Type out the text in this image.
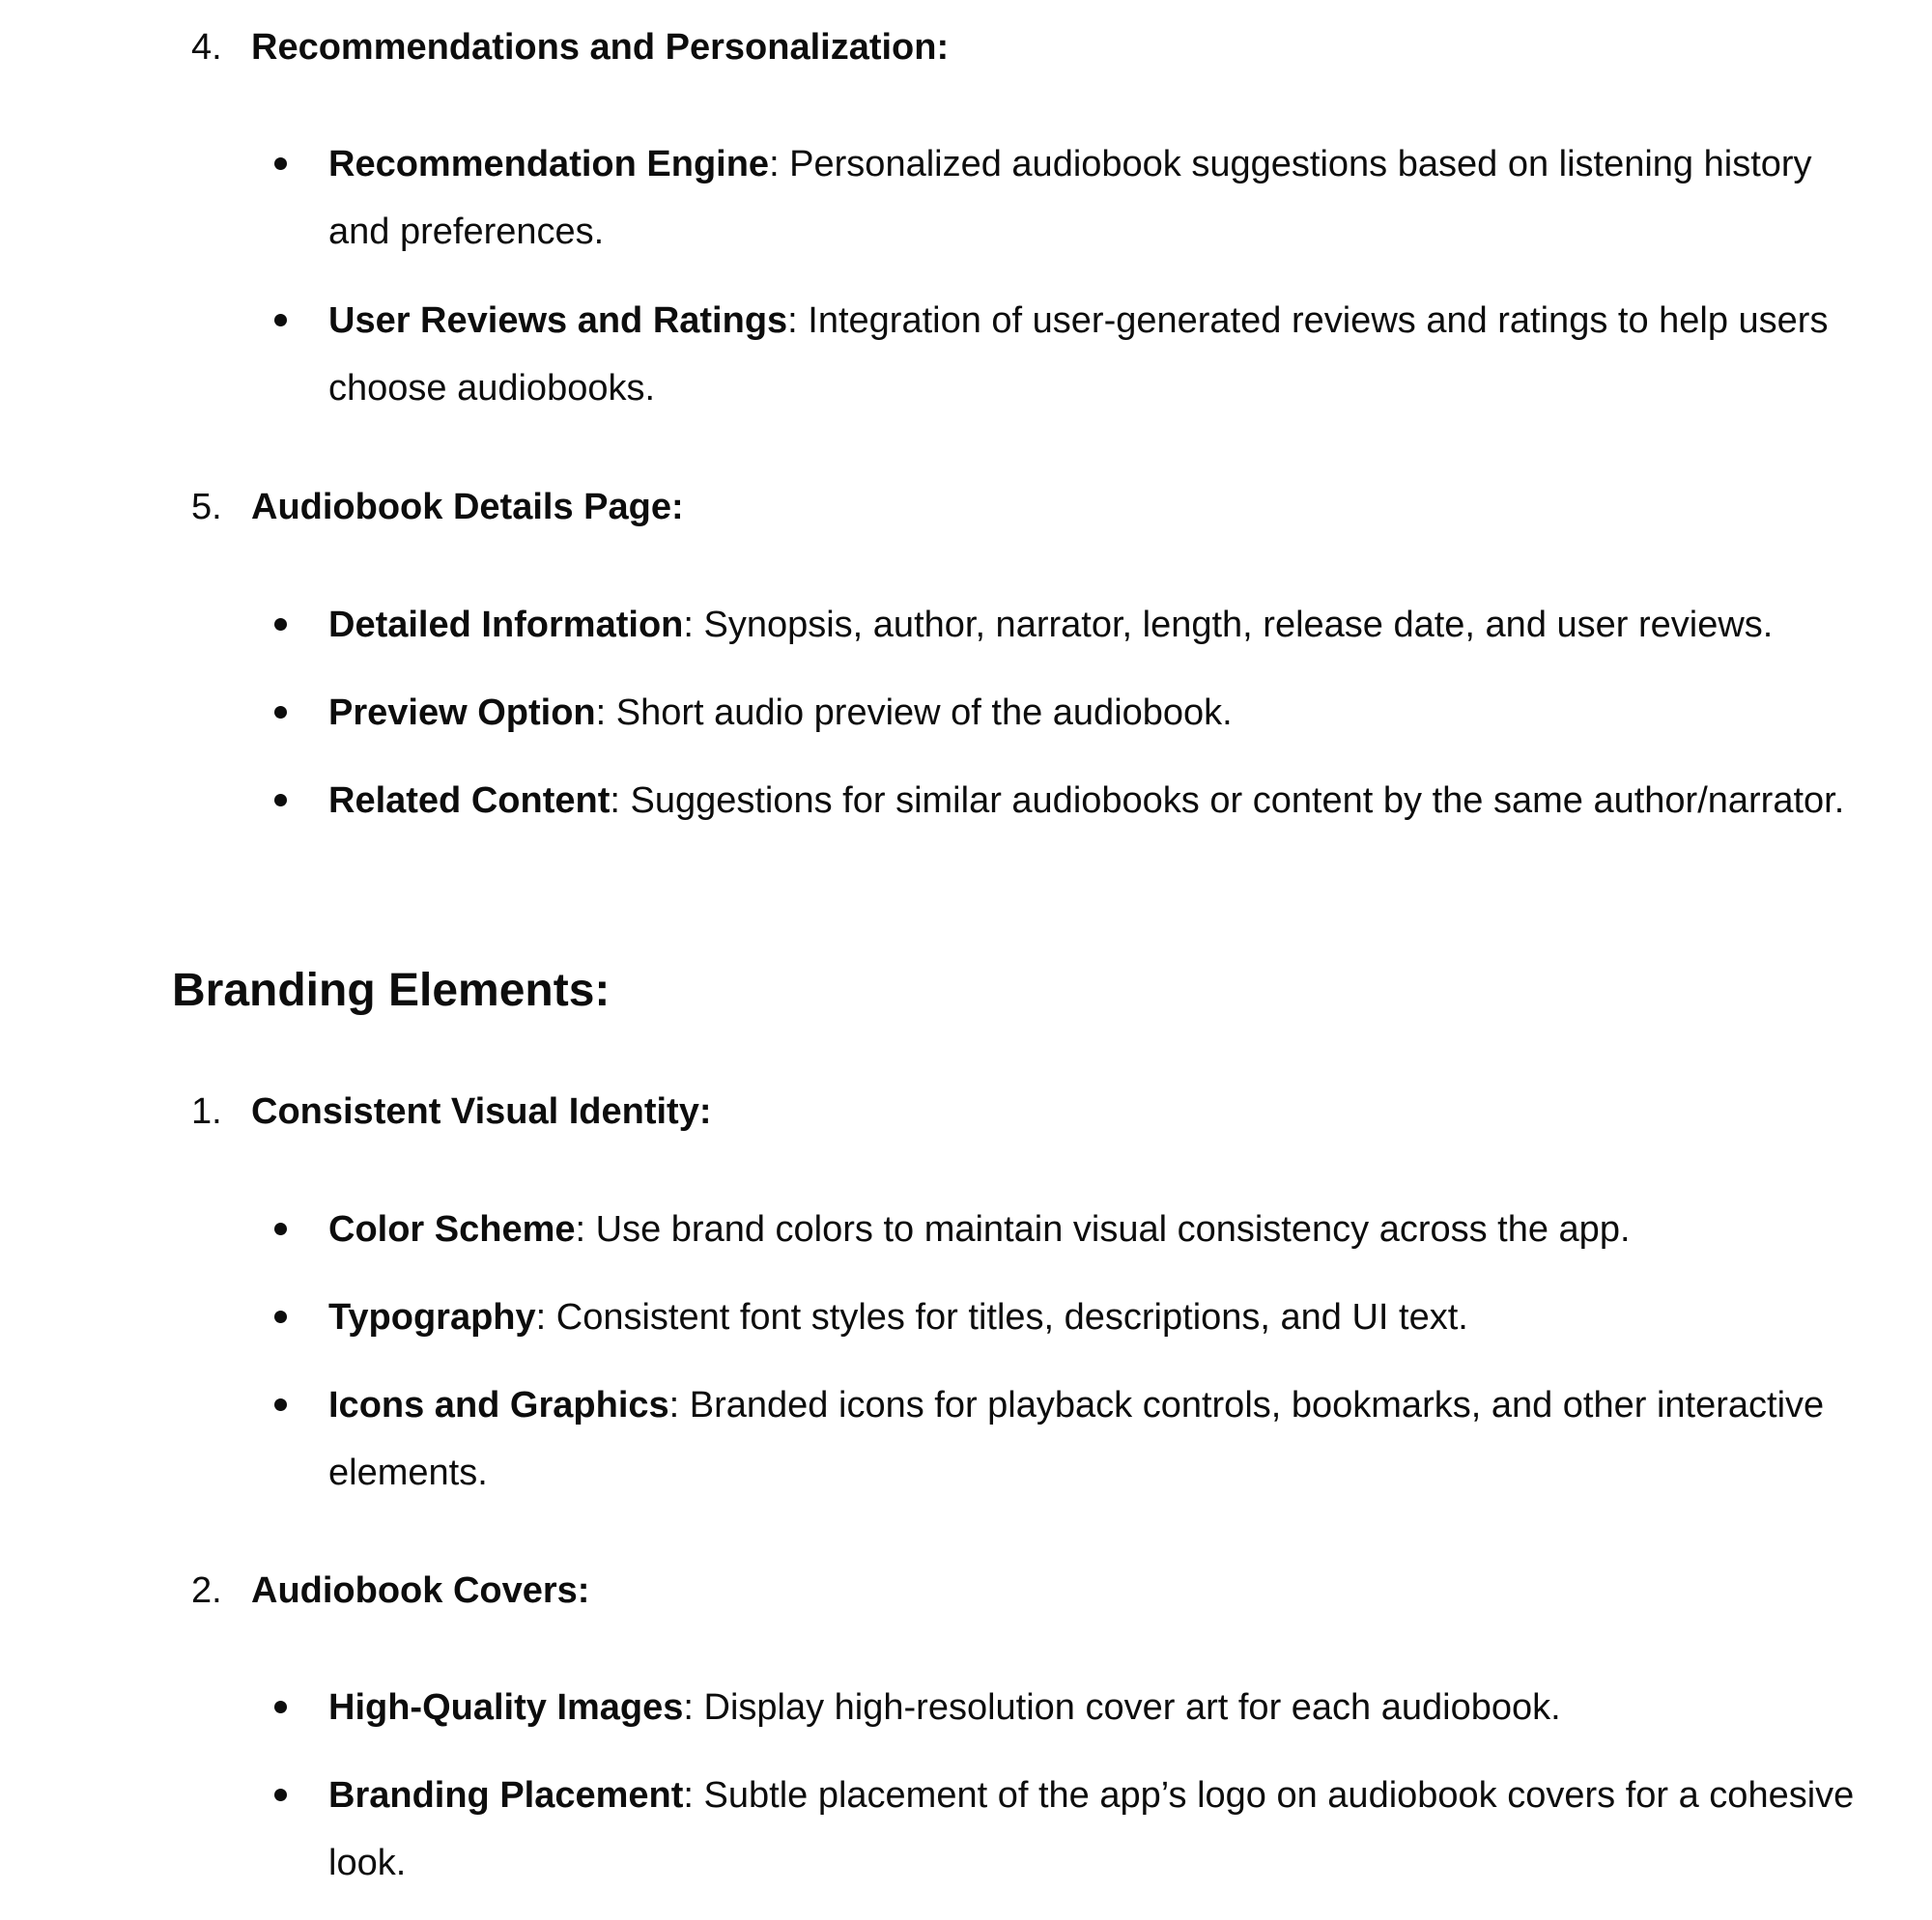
4. Recommendations and Personalization:
Recommendation Engine: Personalized audiobook suggestions based on listening history and preferences.
User Reviews and Ratings: Integration of user-generated reviews and ratings to help users choose audiobooks.
5. Audiobook Details Page:
Detailed Information: Synopsis, author, narrator, length, release date, and user reviews.
Preview Option: Short audio preview of the audiobook.
Related Content: Suggestions for similar audiobooks or content by the same author/narrator.
Branding Elements:
1. Consistent Visual Identity:
Color Scheme: Use brand colors to maintain visual consistency across the app.
Typography: Consistent font styles for titles, descriptions, and UI text.
Icons and Graphics: Branded icons for playback controls, bookmarks, and other interactive elements.
2. Audiobook Covers:
High-Quality Images: Display high-resolution cover art for each audiobook.
Branding Placement: Subtle placement of the app’s logo on audiobook covers for a cohesive look.
